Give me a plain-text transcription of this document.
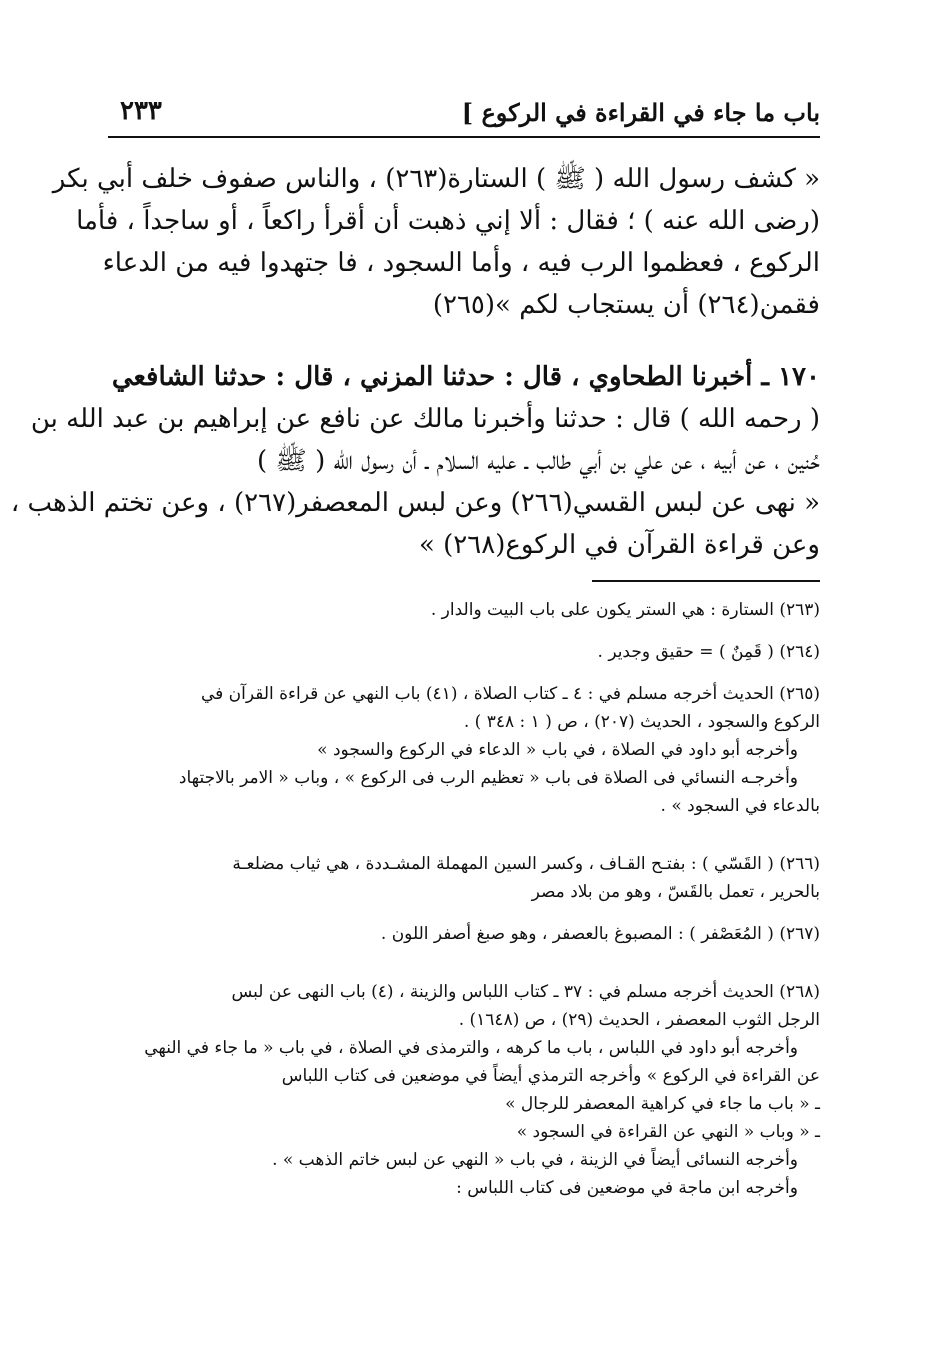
باب ما جاء في القراءة في الركوع ]
٢٣٣
« كشف رسول الله ( ﷺ ) الستارة(٢٦٣) ، والناس صفوف خلف أبي بكر
(رضى الله عنه ) ؛ فقال : ألا إني ذهبت أن أقرأ راكعاً ، أو ساجداً ، فأما
الركوع ، فعظموا الرب فيه ، وأما السجود ، فا جتهدوا فيه من الدعاء
فقمن(٢٦٤) أن يستجاب لكم »(٢٦٥)
١٧٠ ـ أخبرنا الطحاوي ، قال : حدثنا المزني ، قال : حدثنا الشافعي
( رحمه الله ) قال : حدثنا وأخبرنا مالك عن نافع عن إبراهيم بن عبد الله بن
حُنين ، عن أبيه ، عن علي بن أبي طالب ـ عليه السلام ـ أن رسول الله ( ﷺ )
« نهى عن لبس القسي(٢٦٦) وعن لبس المعصفر(٢٦٧) ، وعن تختم الذهب ،
وعن قراءة القرآن في الركوع(٢٦٨) »
(٢٦٣) الستارة : هي الستر يكون على باب البيت والدار .
(٢٦٤) ( قَمِنٌ ) = حقيق وجدير .
(٢٦٥) الحديث أخرجه مسلم في : ٤ ـ كتاب الصلاة ، (٤١) باب النهي عن قراءة القرآن في
الركوع والسجود ، الحديث (٢٠٧) ، ص ( ١ : ٣٤٨ ) .
وأخرجه أبو داود في الصلاة ، في باب « الدعاء في الركوع والسجود »
وأخرجـه النسائي فى الصلاة فى باب « تعظيم الرب فى الركوع » ، وباب « الامر بالاجتهاد
بالدعاء في السجود » .
(٢٦٦) ( القَسّي ) : بفتـح القـاف ، وكسر السين المهملة المشـددة ، هي ثياب مضلعـة
بالحرير ، تعمل بالقَسّ ، وهو من بلاد مصر
(٢٦٧) ( المُعَصْفر ) : المصبوغ بالعصفر ، وهو صبغ أصفر اللون .
(٢٦٨) الحديث أخرجه مسلم في : ٣٧ ـ كتاب اللباس والزينة ، (٤) باب النهى عن لبس
الرجل الثوب المعصفر ، الحديث (٢٩) ، ص (١٦٤٨) .
وأخرجه أبو داود في اللباس ، باب ما كرهه ، والترمذى في الصلاة ، في باب « ما جاء في النهي
عن القراءة في الركوع » وأخرجه الترمذي أيضاً في موضعين فى كتاب اللباس
ـ « باب ما جاء في كراهية المعصفر للرجال »
ـ « وباب « النهي عن القراءة في السجود »
وأخرجه النسائى أيضاً في الزينة ، في باب « النهي عن لبس خاتم الذهب » .
وأخرجه ابن ماجة في موضعين فى كتاب اللباس :
